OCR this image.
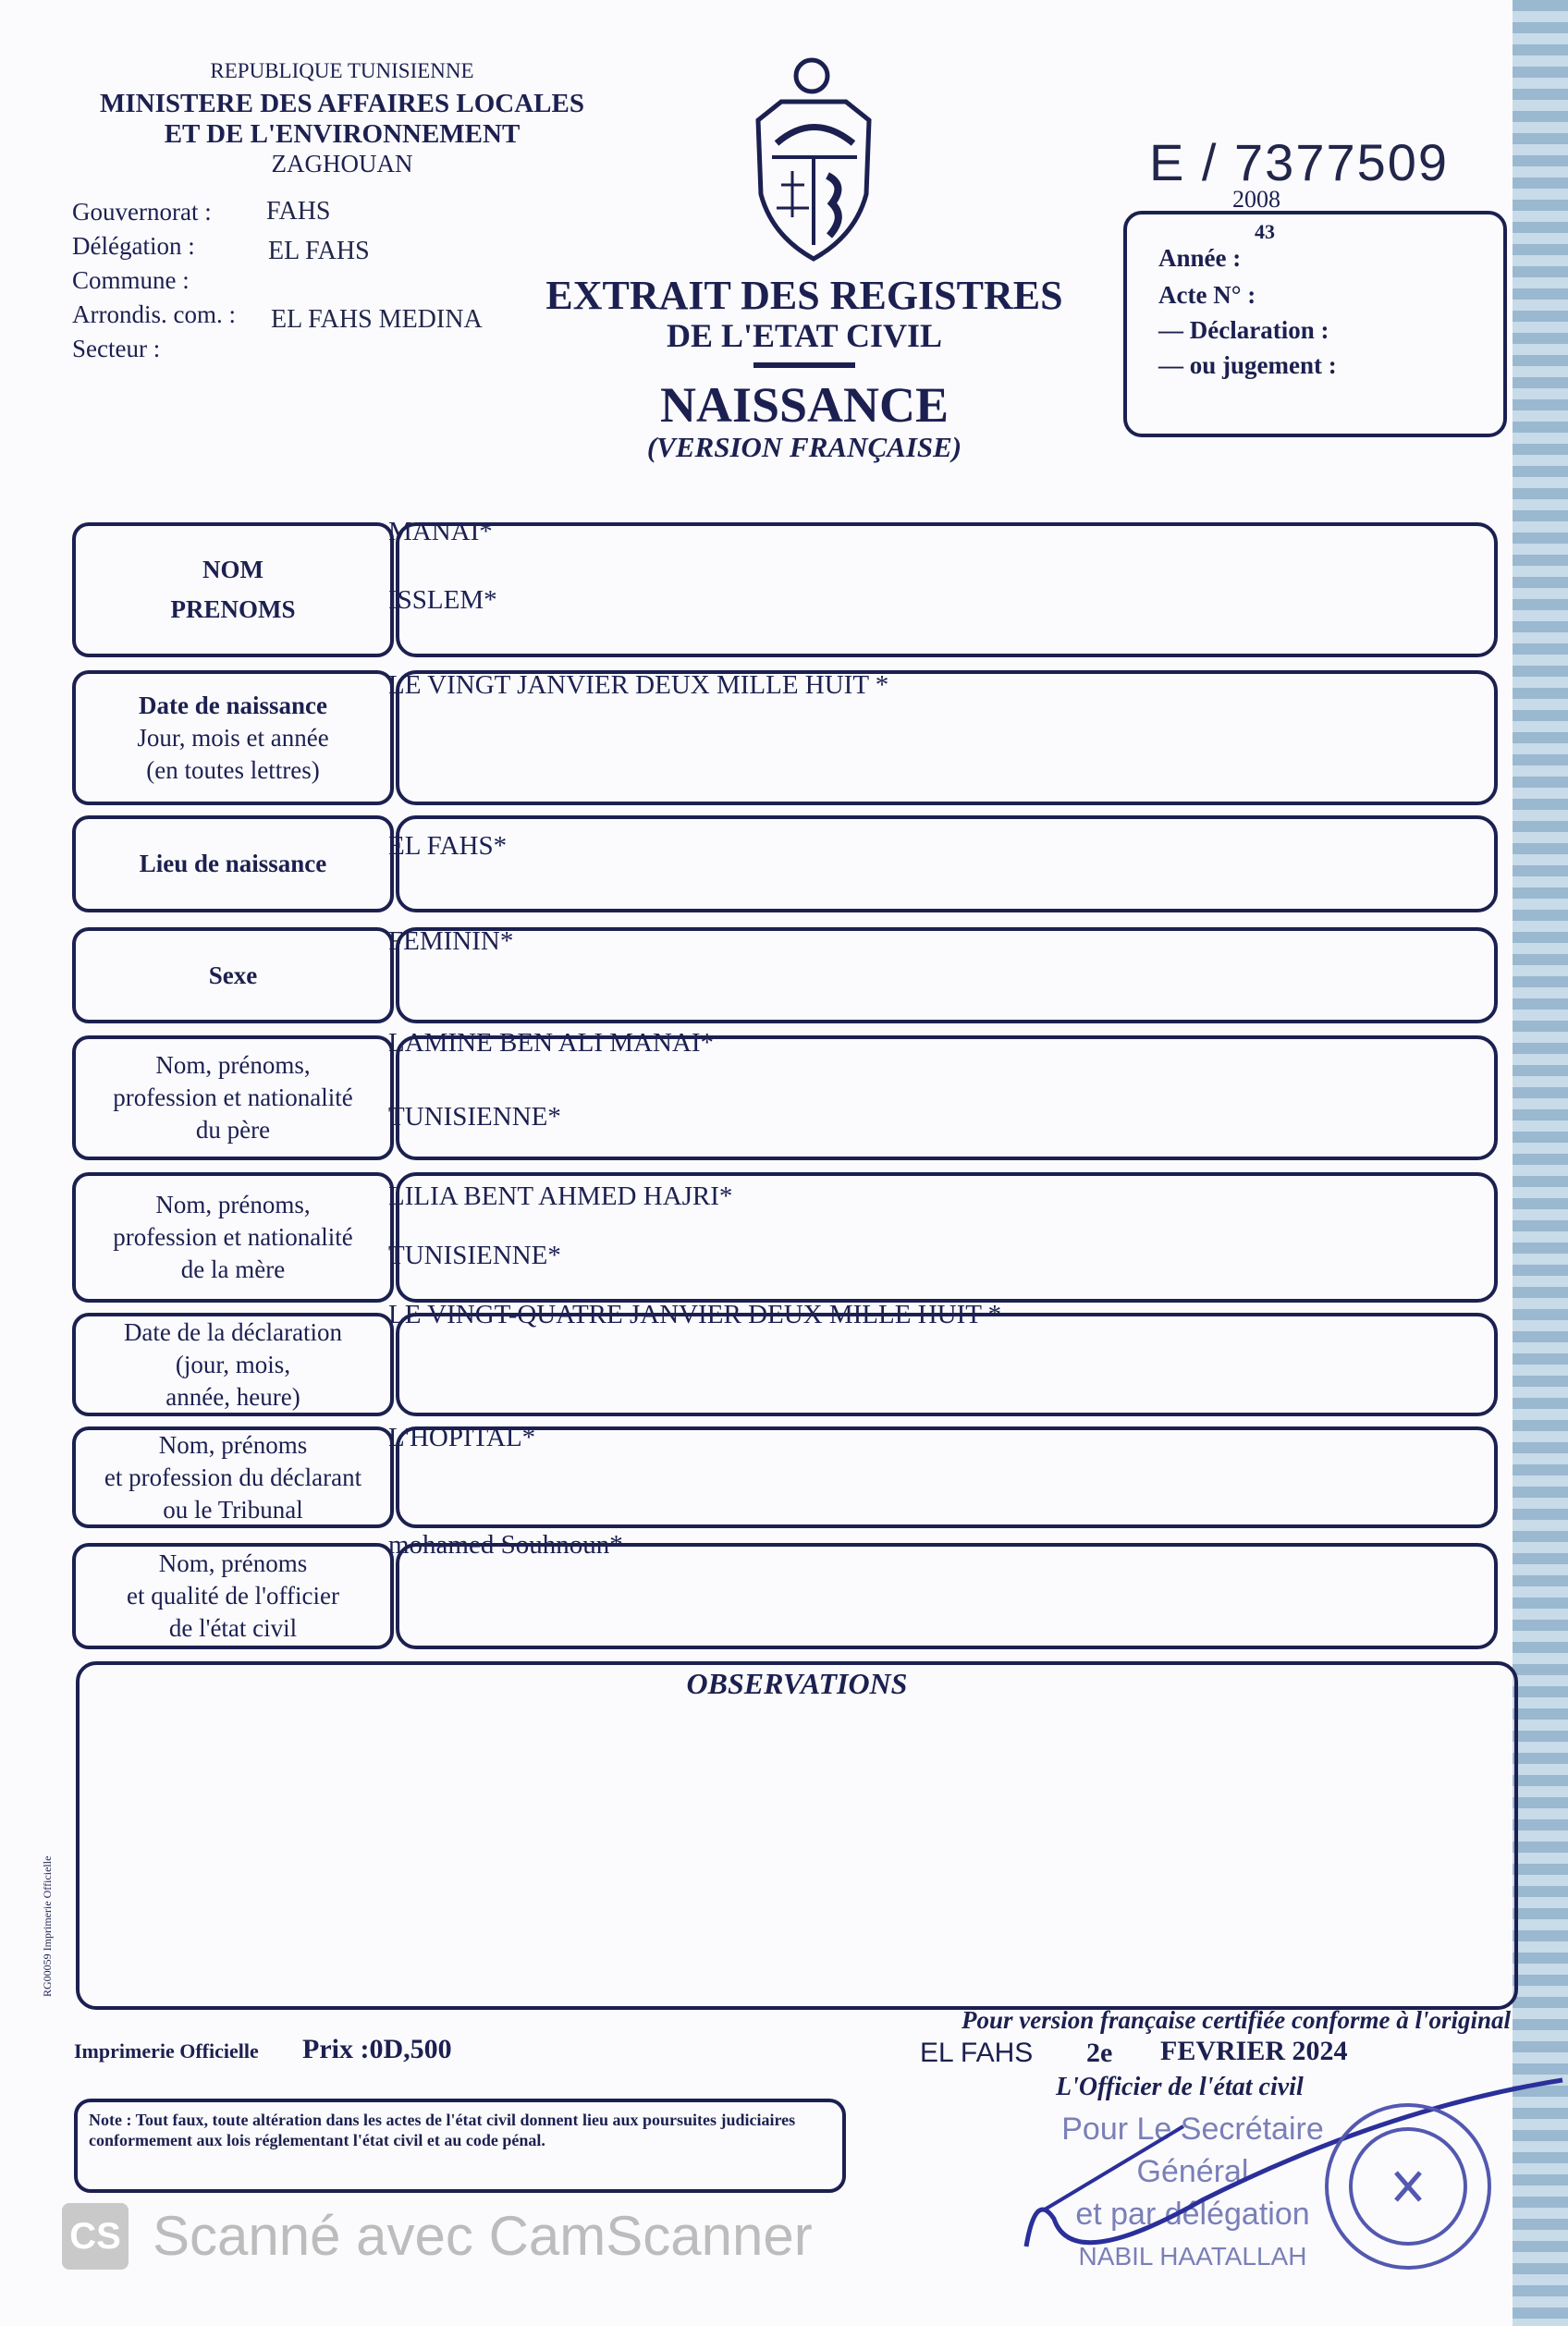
REPUBLIQUE TUNISIENNE
MINISTERE DES AFFAIRES LOCALES
ET DE L'ENVIRONNEMENT
ZAGHOUAN
Gouvernorat : FAHS
Délégation :	EL FAHS
Commune :
Arrondis. com. : EL FAHS MEDINA
Secteur :
EXTRAIT DES REGISTRES
DE L'ETAT CIVIL
NAISSANCE
(VERSION FRANÇAISE)
E / 7377509
2008
Année :
43
Acte N° :
— Déclaration :
— ou jugement :
NOM
PRENOMS
MANAI*
ISSLEM*
Date de naissance
Jour, mois et année
(en toutes lettres)
LE VINGT JANVIER DEUX MILLE HUIT *
Lieu de naissance
EL FAHS*
Sexe
FEMININ*
Nom, prénoms,
profession et nationalité
du père
LAMINE BEN ALI MANAI*
TUNISIENNE*
Nom, prénoms,
profession et nationalité
de la mère
LILIA BENT AHMED HAJRI*
TUNISIENNE*
Date de la déclaration
(jour, mois,
année, heure)
LE VINGT-QUATRE JANVIER DEUX MILLE HUIT *
Nom, prénoms
et profession du déclarant
ou le Tribunal
L'HOPITAL*
Nom, prénoms
et qualité de l'officier
de l'état civil
mohamed Souhnoun*
OBSERVATIONS
RG00059 Imprimerie Officielle
Imprimerie Officielle Prix :0D,500
Pour version française certifiée conforme à l'original
EL FAHS 2e FEVRIER 2024
Note : Tout faux, toute altération dans les actes de l'état civil donnent lieu aux poursuites judiciaires conformement aux lois réglementant l'état civil et au code pénal.
L'Officier de l'état civil
Pour Le Secrétaire
Général
et par délégation
NABIL HAATALLAH
CS Scanné avec CamScanner
